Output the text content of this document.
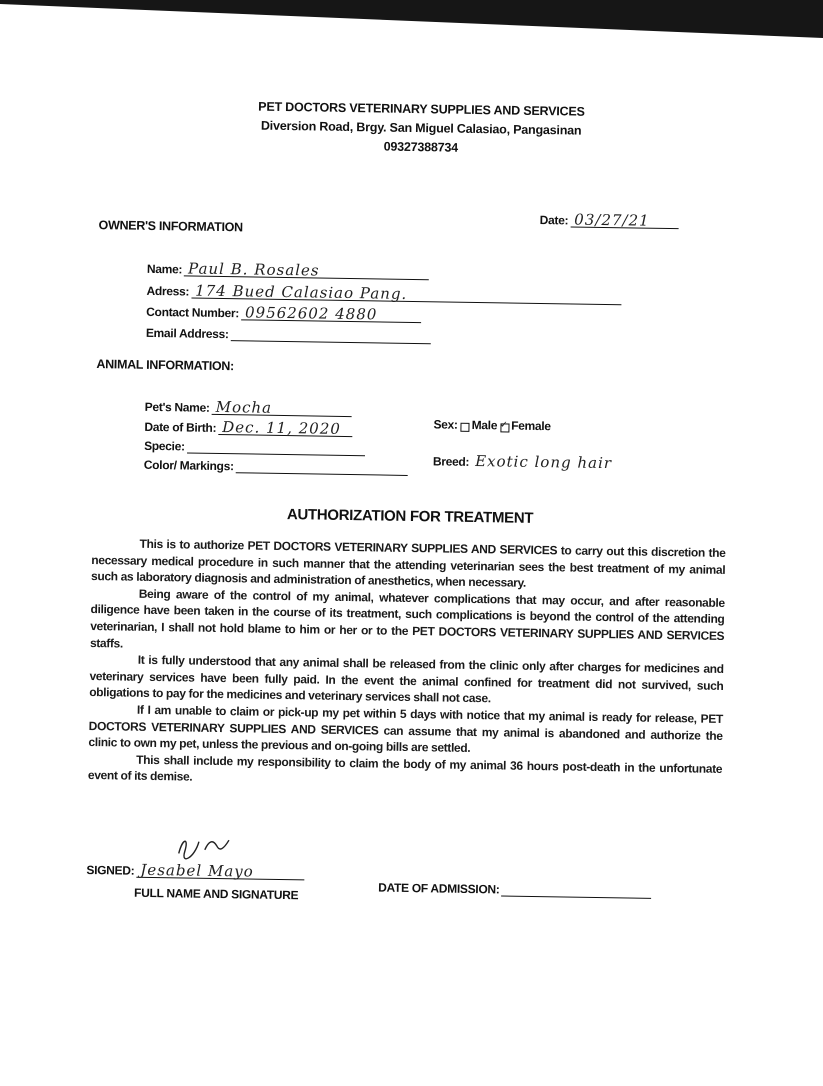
PET DOCTORS VETERINARY SUPPLIES AND SERVICES
Diversion Road, Brgy. San Miguel Calasiao, Pangasinan
09327388734
Date: 03/27/21
OWNER'S INFORMATION
Name: Paul B. Rosales
Adress: 174 Bued Calasiao Pang.
Contact Number: 09562602 4880
Email Address:
ANIMAL INFORMATION:
Pet's Name: Mocha
Date of Birth: Dec. 11, 2020
Specie:
Color/ Markings:
Sex: Male
✓ Female
Breed: Exotic long hair
AUTHORIZATION FOR TREATMENT

This is to authorize PET DOCTORS VETERINARY SUPPLIES AND SERVICES to carry out this discretion the necessary medical procedure in such manner that the attending veterinarian sees the best treatment of my animal such as laboratory diagnosis and administration of anesthetics, when necessary.

Being aware of the control of my animal, whatever complications that may occur, and after reasonable diligence have been taken in the course of its treatment, such complications is beyond the control of the attending veterinarian, I shall not hold blame to him or her or to the PET DOCTORS VETERINARY SUPPLIES AND SERVICES staffs.

It is fully understood that any animal shall be released from the clinic only after charges for medicines and veterinary services have been fully paid. In the event the animal confined for treatment did not survived, such obligations to pay for the medicines and veterinary services shall not case.

If I am unable to claim or pick-up my pet within 5 days with notice that my animal is ready for release, PET DOCTORS VETERINARY SUPPLIES AND SERVICES can assume that my animal is abandoned and authorize the clinic to own my pet, unless the previous and on-going bills are settled.

This shall include my responsibility to claim the body of my animal 36 hours post-death in the unfortunate event of its demise.

SIGNED: Jesabel Mayo
FULL NAME AND SIGNATURE	DATE OF ADMISSION:
